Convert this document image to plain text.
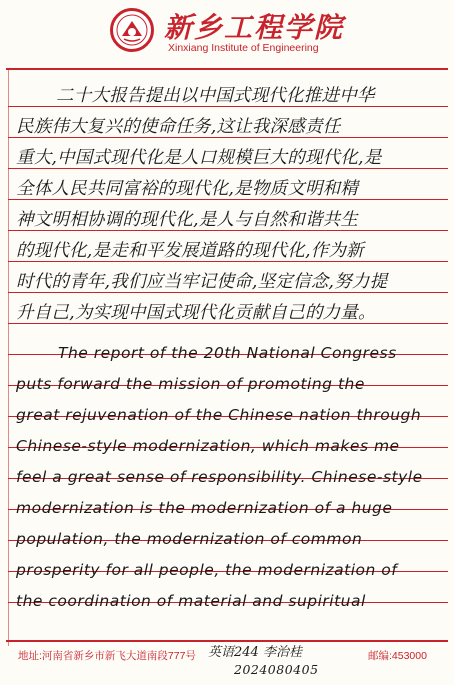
新乡工程学院
Xinxiang Institute of Engineering
二十大报告提出以中国式现代化推进中华
民族伟大复兴的使命任务,这让我深感责任
重大,中国式现代化是人口规模巨大的现代化,是
全体人民共同富裕的现代化,是物质文明和精
神文明相协调的现代化,是人与自然和谐共生
的现代化,是走和平发展道路的现代化,作为新
时代的青年,我们应当牢记使命,坚定信念,努力提
升自己,为实现中国式现代化贡献自己的力量。
The report of the 20th National Congress
puts forward the mission of promoting the
great rejuvenation of the Chinese nation through
Chinese-style modernization, which makes me
feel a great sense of responsibility. Chinese-style
modernization is the modernization of a huge
population, the modernization of common
prosperity for all people, the modernization of
the coordination of material and supiritual
地址:河南省新乡市新飞大道南段777号 英语244 李治桂
2024080405
邮编:453000
